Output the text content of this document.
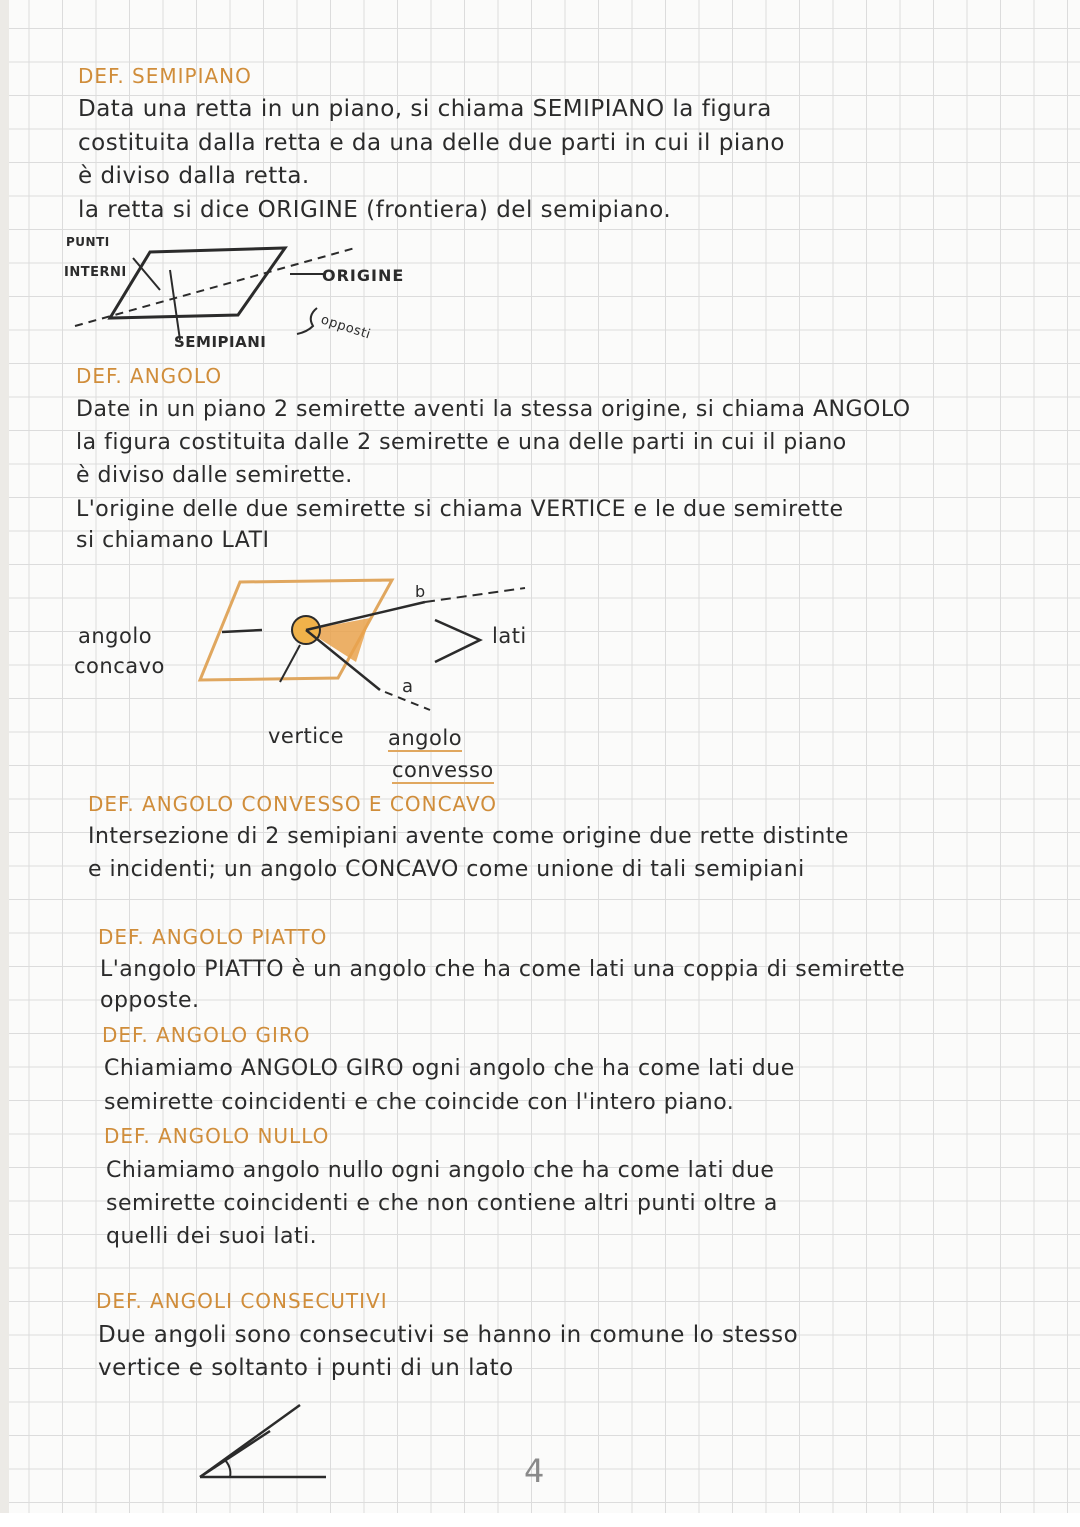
DEF. SEMIPIANO
Data una retta in un piano, si chiama SEMIPIANO la figura
costituita dalla retta e da una delle due parti in cui il piano
è diviso dalla retta.
la retta si dice ORIGINE (frontiera) del semipiano.
PUNTI
INTERNI	ORIGINE
SEMIPIANI	opposti
DEF. ANGOLO
Date in un piano 2 semirette aventi la stessa origine, si chiama ANGOLO
la figura costituita dalle 2 semirette e una delle parti in cui il piano
è diviso dalle semirette.
L'origine delle due semirette si chiama VERTICE e le due semirette
si chiamano LATI
angolo
concavo
b
a
lati
vertice angolo
convesso
DEF. ANGOLO CONVESSO E CONCAVO
Intersezione di 2 semipiani avente come origine due rette distinte
e incidenti; un angolo CONCAVO come unione di tali semipiani
DEF. ANGOLO PIATTO
L'angolo PIATTO è un angolo che ha come lati una coppia di semirette
opposte.
DEF. ANGOLO GIRO
Chiamiamo ANGOLO GIRO ogni angolo che ha come lati due
semirette coincidenti e che coincide con l'intero piano.
DEF. ANGOLO NULLO
Chiamiamo angolo nullo ogni angolo che ha come lati due
semirette coincidenti e che non contiene altri punti oltre a
quelli dei suoi lati.
DEF. ANGOLI CONSECUTIVI
Due angoli sono consecutivi se hanno in comune lo stesso
vertice e soltanto i punti di un lato
4
